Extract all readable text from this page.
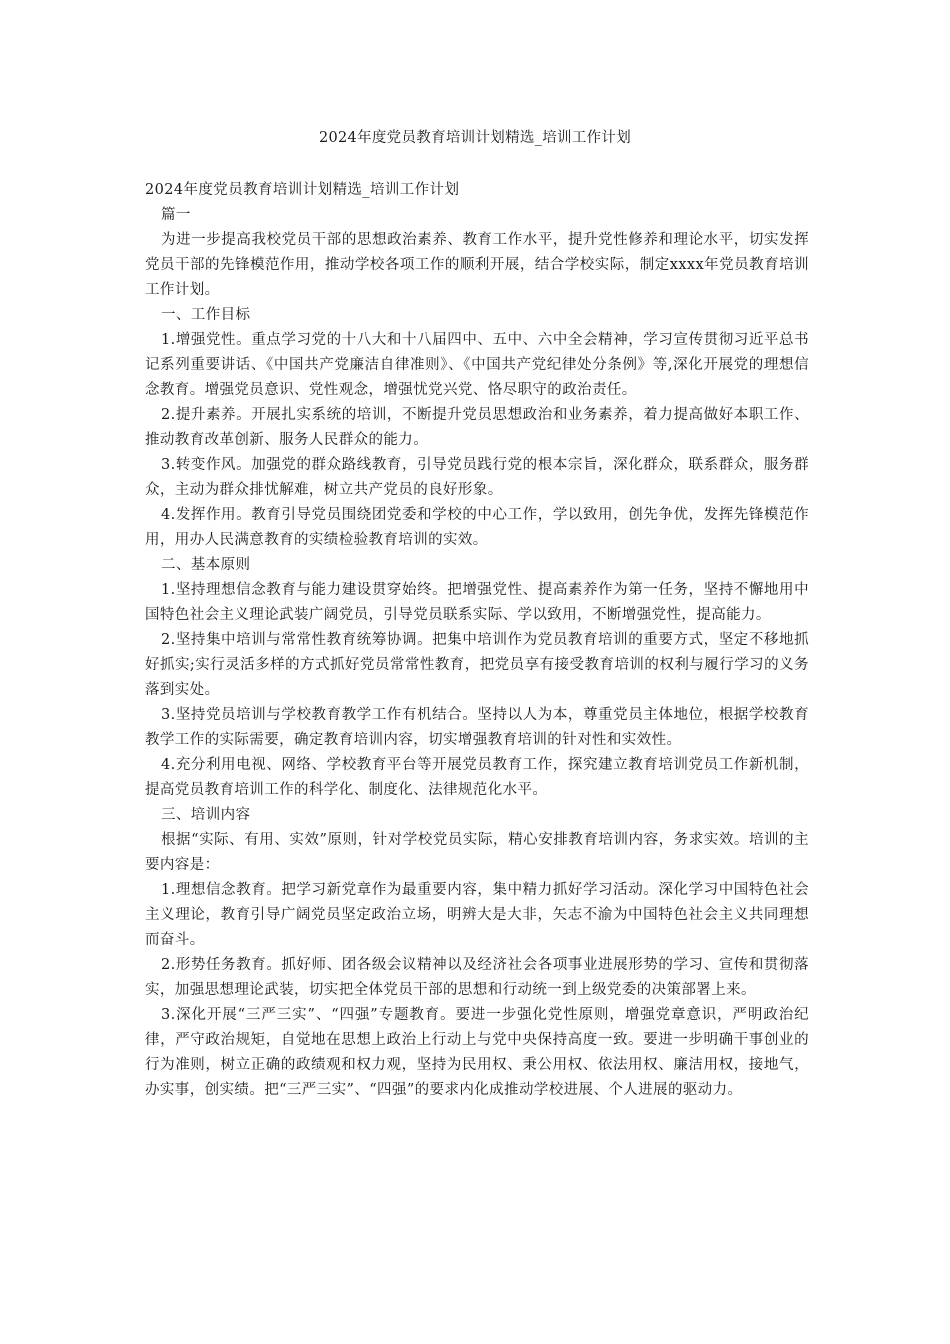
2024年度党员教育培训计划精选_培训工作计划

2024年度党员教育培训计划精选_培训工作计划

篇一

为进一步提高我校党员干部的思想政治素养、教育工作水平，提升党性修养和理论水平，切实发挥党员干部的先锋模范作用，推动学校各项工作的顺利开展，结合学校实际，制定xxxx年党员教育培训工作计划。

一、工作目标

1.增强党性。重点学习党的十八大和十八届四中、五中、六中全会精神，学习宣传贯彻习近平总书记系列重要讲话、《中国共产党廉洁自律准则》、《中国共产党纪律处分条例》等,深化开展党的理想信念教育。增强党员意识、党性观念，增强忧党兴党、恪尽职守的政治责任。

2.提升素养。开展扎实系统的培训，不断提升党员思想政治和业务素养，着力提高做好本职工作、推动教育改革创新、服务人民群众的能力。

3.转变作风。加强党的群众路线教育，引导党员践行党的根本宗旨，深化群众，联系群众，服务群众，主动为群众排忧解难，树立共产党员的良好形象。

4.发挥作用。教育引导党员围绕团党委和学校的中心工作，学以致用，创先争优，发挥先锋模范作用，用办人民满意教育的实绩检验教育培训的实效。

二、基本原则

1.坚持理想信念教育与能力建设贯穿始终。把增强党性、提高素养作为第一任务，坚持不懈地用中国特色社会主义理论武装广阔党员，引导党员联系实际、学以致用，不断增强党性，提高能力。

2.坚持集中培训与常常性教育统筹协调。把集中培训作为党员教育培训的重要方式，坚定不移地抓好抓实;实行灵活多样的方式抓好党员常常性教育，把党员享有接受教育培训的权利与履行学习的义务落到实处。

3.坚持党员培训与学校教育教学工作有机结合。坚持以人为本，尊重党员主体地位，根据学校教育教学工作的实际需要，确定教育培训内容，切实增强教育培训的针对性和实效性。

4.充分利用电视、网络、学校教育平台等开展党员教育工作，探究建立教育培训党员工作新机制，提高党员教育培训工作的科学化、制度化、法律规范化水平。

三、培训内容

根据“实际、有用、实效”原则，针对学校党员实际，精心安排教育培训内容，务求实效。培训的主要内容是：

1.理想信念教育。把学习新党章作为最重要内容，集中精力抓好学习活动。深化学习中国特色社会主义理论，教育引导广阔党员坚定政治立场，明辨大是大非，矢志不渝为中国特色社会主义共同理想而奋斗。

2.形势任务教育。抓好师、团各级会议精神以及经济社会各项事业进展形势的学习、宣传和贯彻落实，加强思想理论武装，切实把全体党员干部的思想和行动统一到上级党委的决策部署上来。

3.深化开展“三严三实”、“四强”专题教育。要进一步强化党性原则，增强党章意识，严明政治纪律，严守政治规矩，自觉地在思想上政治上行动上与党中央保持高度一致。要进一步明确干事创业的行为准则，树立正确的政绩观和权力观，坚持为民用权、秉公用权、依法用权、廉洁用权，接地气，办实事，创实绩。把“三严三实”、“四强”的要求内化成推动学校进展、个人进展的驱动力。
